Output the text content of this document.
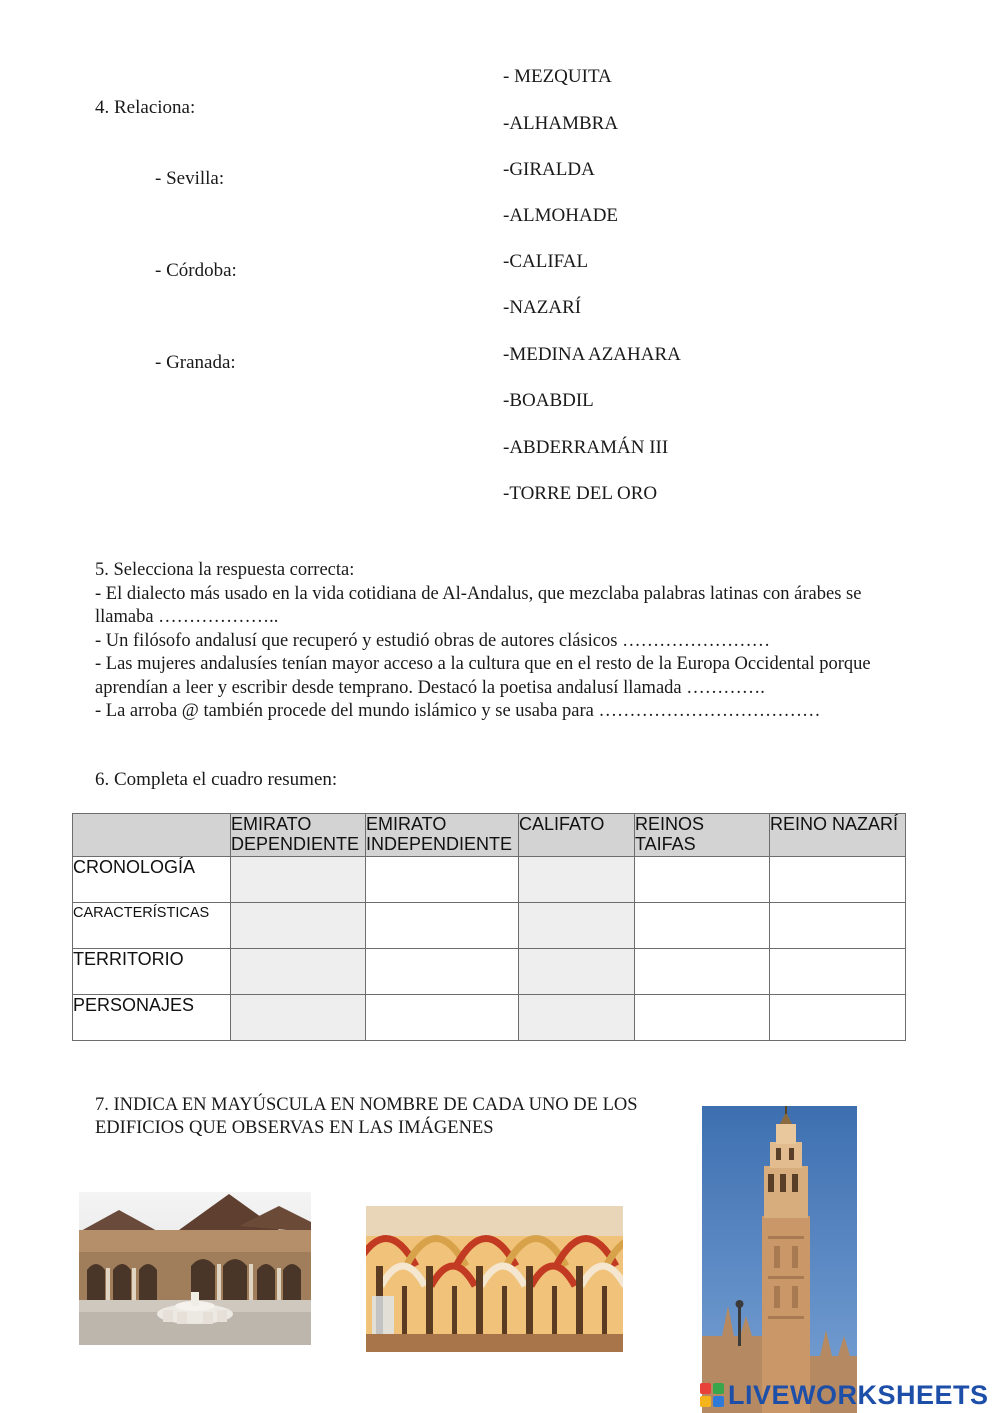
4. Relaciona:
- Sevilla:
- Córdoba:
- Granada:
- MEZQUITA
-ALHAMBRA
-GIRALDA
-ALMOHADE
-CALIFAL
-NAZARÍ
-MEDINA AZAHARA
-BOABDIL
-ABDERRAMÁN III
-TORRE DEL ORO

5. Selecciona la respuesta correcta:

- El dialecto más usado en la vida cotidiana de Al-Andalus, que mezclaba palabras latinas con árabes se llamaba ………………..

- Un filósofo andalusí que recuperó y estudió obras de autores clásicos ……………………

- Las mujeres andalusíes tenían mayor acceso a la cultura que en el resto de la Europa Occidental porque aprendían a leer y escribir desde temprano. Destacó la poetisa andalusí llamada ………….

- La arroba @ también procede del mundo islámico y se usaba para ………………………………

6. Completa el cuadro resumen:
	EMIRATO DEPENDIENTE	EMIRATO INDEPENDIENTE	CALIFATO	REINOS TAIFAS	REINO NAZARÍ
CRONOLOGÍA					
CARACTERÍSTICAS					
TERRITORIO					
PERSONAJES					
7. INDICA EN MAYÚSCULA EN NOMBRE DE CADA UNO DE LOS EDIFICIOS QUE OBSERVAS EN LAS IMÁGENES
LIVEWORKSHEETS
